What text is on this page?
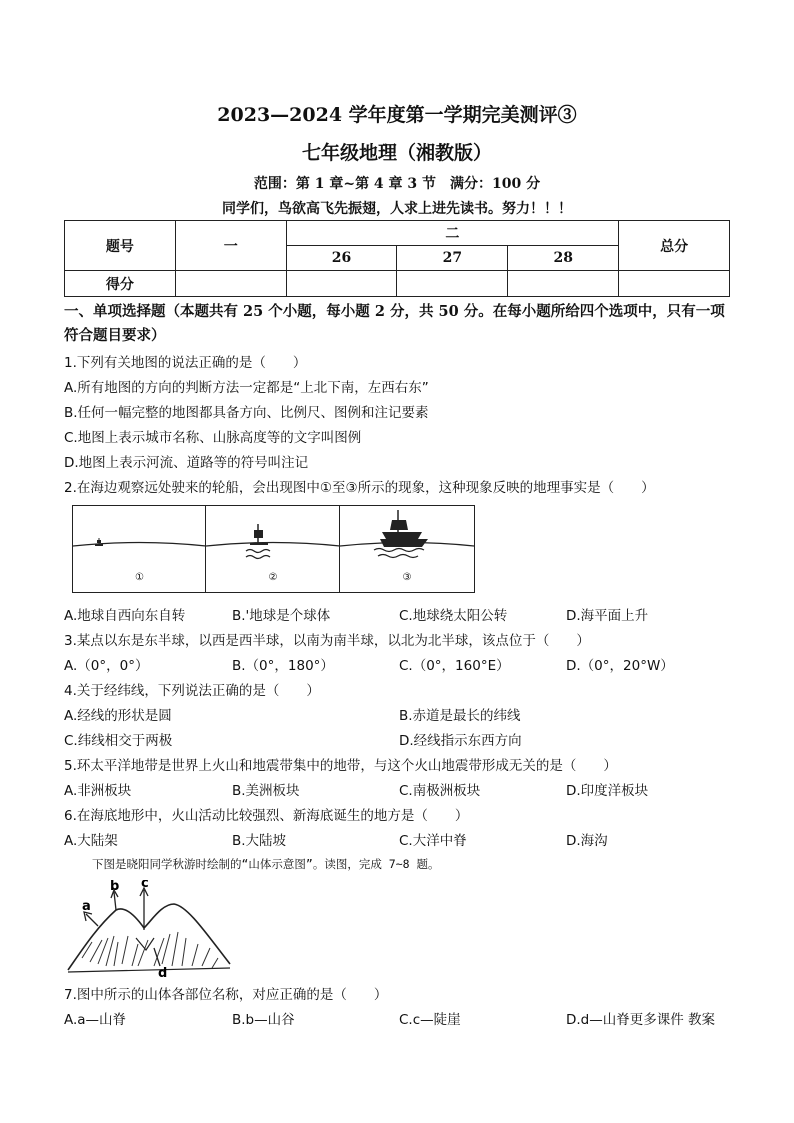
2023—2024 学年度第一学期完美测评③
七年级地理（湘教版）
范围：第 1 章~第 4 章 3 节　满分：100 分
同学们，鸟欲高飞先振翅，人求上进先读书。努力！！！
题号	一	二			总分
		26	27	28	
得分					
一、单项选择题（本题共有 25 个小题，每小题 2 分，共 50 分。在每小题所给四个选项中，只有一项符合题目要求）
1.下列有关地图的说法正确的是（　　）
A.所有地图的方向的判断方法一定都是“上北下南，左西右东”
B.任何一幅完整的地图都具备方向、比例尺、图例和注记要素
C.地图上表示城市名称、山脉高度等的文字叫图例
D.地图上表示河流、道路等的符号叫注记
2.在海边观察远处驶来的轮船，会出现图中①至③所示的现象，这种现象反映的地理事实是（　　）
①	②	③
A.地球自西向东自转	B.'地球是个球体	C.地球绕太阳公转	D.海平面上升
3.某点以东是东半球，以西是西半球，以南为南半球，以北为北半球，该点位于（　　）
A.（0°，0°）	B.（0°，180°）	C.（0°，160°E）	D.（0°，20°W）
4.关于经纬线，下列说法正确的是（　　）
A.经线的形状是圆	B.赤道是最长的纬线
C.纬线相交于两极	D.经线指示东西方向
5.环太平洋地带是世界上火山和地震带集中的地带，与这个火山地震带形成无关的是（　　）
A.非洲板块	B.美洲板块	C.南极洲板块	D.印度洋板块
6.在海底地形中，火山活动比较强烈、新海底诞生的地方是（　　）
A.大陆架	B.大陆坡	C.大洋中脊	D.海沟
下图是晓阳同学秋游时绘制的“山体示意图”。读图，完成 7~8 题。
a
b c
d
7.图中所示的山体各部位名称，对应正确的是（　　）
A.a—山脊	B.b—山谷	C.c—陡崖	D.d—山脊更多课件 教案
